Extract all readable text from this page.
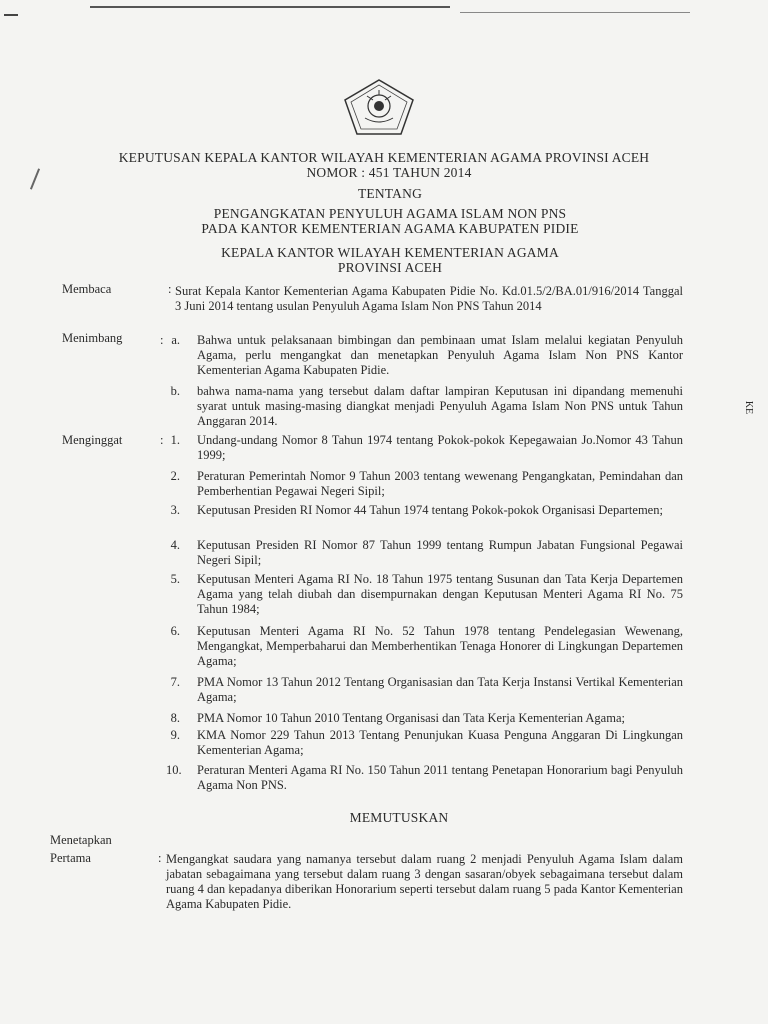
KEPUTUSAN KEPALA KANTOR WILAYAH KEMENTERIAN AGAMA PROVINSI ACEH
NOMOR : 451 TAHUN 2014
TENTANG
PENGANGKATAN PENYULUH AGAMA ISLAM NON PNS
PADA KANTOR KEMENTERIAN AGAMA KABUPATEN PIDIE
KEPALA KANTOR WILAYAH KEMENTERIAN AGAMA
PROVINSI ACEH
Membaca	: Surat Kepala Kantor Kementerian Agama Kabupaten Pidie No. Kd.01.5/2/BA.01/916/2014 Tanggal 3 Juni 2014 tentang usulan Penyuluh Agama Islam Non PNS Tahun 2014
Menimbang	: a. Bahwa untuk pelaksanaan bimbingan dan pembinaan umat Islam melalui kegiatan Penyuluh Agama, perlu mengangkat dan menetapkan Penyuluh Agama Islam Non PNS Kantor Kementerian Agama Kabupaten Pidie.
b. bahwa nama-nama yang tersebut dalam daftar lampiran Keputusan ini dipandang memenuhi syarat untuk masing-masing diangkat menjadi Penyuluh Agama Islam Non PNS untuk Tahun Anggaran 2014.
Menginggat	: 1. Undang-undang Nomor 8 Tahun 1974 tentang Pokok-pokok Kepegawaian Jo.Nomor 43 Tahun 1999;
2. Peraturan Pemerintah Nomor 9 Tahun 2003 tentang wewenang Pengangkatan, Pemindahan dan Pemberhentian Pegawai Negeri Sipil;
3. Keputusan Presiden RI Nomor 44 Tahun 1974 tentang Pokok-pokok Organisasi Departemen;
4. Keputusan Presiden RI Nomor 87 Tahun 1999 tentang Rumpun Jabatan Fungsional Pegawai Negeri Sipil;
5. Keputusan Menteri Agama RI No. 18 Tahun 1975 tentang Susunan dan Tata Kerja Departemen Agama yang telah diubah dan disempurnakan dengan Keputusan Menteri Agama RI No. 75 Tahun 1984;
6. Keputusan Menteri Agama RI No. 52 Tahun 1978 tentang Pendelegasian Wewenang, Mengangkat, Memperbaharui dan Memberhentikan Tenaga Honorer di Lingkungan Departemen Agama;
7. PMA Nomor 13 Tahun 2012 Tentang Organisasian dan Tata Kerja Instansi Vertikal Kementerian Agama;
8. PMA Nomor 10 Tahun 2010 Tentang Organisasi dan Tata Kerja Kementerian Agama;
9. KMA Nomor 229 Tahun 2013 Tentang Penunjukan Kuasa Penguna Anggaran Di Lingkungan Kementerian Agama;
10. Peraturan Menteri Agama RI No. 150 Tahun 2011 tentang Penetapan Honorarium bagi Penyuluh Agama Non PNS.
MEMUTUSKAN
Menetapkan
Pertama	: Mengangkat saudara yang namanya tersebut dalam ruang 2 menjadi Penyuluh Agama Islam dalam jabatan sebagaimana yang tersebut dalam ruang 3 dengan sasaran/obyek sebagaimana tersebut dalam ruang 4 dan kepadanya diberikan Honorarium seperti tersebut dalam ruang 5 pada Kantor Kementerian Agama Kabupaten Pidie.
KE
